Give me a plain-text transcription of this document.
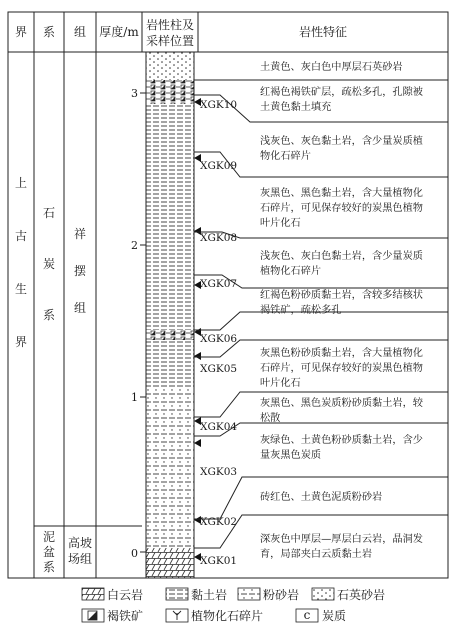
界 系 组 厚度/m 岩性柱及
采样位置
岩性特征
上
古
生
界
石
炭
系
祥
摆
组
泥
盆
系
高坡
场组
3
2
1
0
XGK10
XGK09
XGK08
XGK07
XGK06
XGK05
XGK04
XGK03
XGK02
XGK01
土黄色、灰白色中厚层石英砂岩
红褐色褐铁矿层，疏松多孔，孔隙被
土黄色黏土填充
浅灰色、灰色黏土岩，含少量炭质植
物化石碎片
灰黑色、黑色黏土岩，含大量植物化
石碎片，可见保存较好的炭黑色植物
叶片化石
浅灰色、灰白色黏土岩，含少量炭质
植物化石碎片
红褐色粉砂质黏土岩，含较多结核状
褐铁矿，疏松多孔
灰黑色粉砂质黏土岩，含大量植物化
石碎片，可见保存较好的炭黑色植物
叶片化石
灰黑色、黑色炭质粉砂质黏土岩，较
松散
灰绿色、土黄色粉砂质黏土岩，含少
量灰黑色炭质
砖红色、土黄色泥质粉砂岩
深灰色中厚层—厚层白云岩，晶洞发
育，局部夹白云质黏土岩
白云岩	黏土岩	粉砂岩	石英砂岩
褐铁矿	植物化石碎片	c 炭质
